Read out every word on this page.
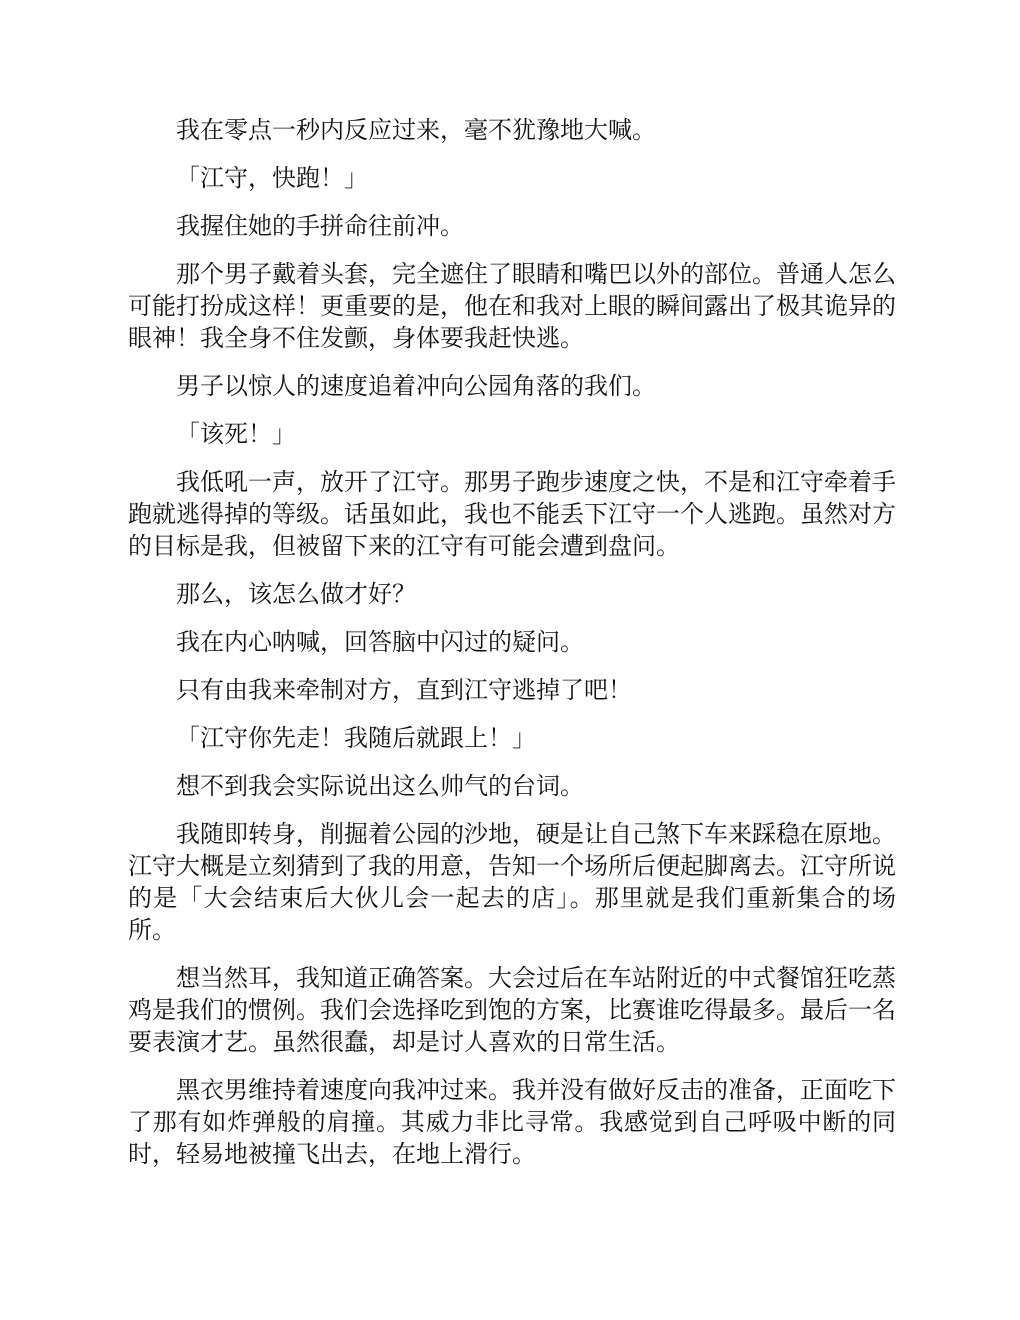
我在零点一秒内反应过来，毫不犹豫地大喊。

「江守，快跑！」

我握住她的手拼命往前冲。

那个男子戴着头套，完全遮住了眼睛和嘴巴以外的部位。普通人怎么可能打扮成这样！更重要的是，他在和我对上眼的瞬间露出了极其诡异的眼神！我全身不住发颤，身体要我赶快逃。

男子以惊人的速度追着冲向公园角落的我们。

「该死！」

我低吼一声，放开了江守。那男子跑步速度之快，不是和江守牵着手跑就逃得掉的等级。话虽如此，我也不能丢下江守一个人逃跑。虽然对方的目标是我，但被留下来的江守有可能会遭到盘问。

那么，该怎么做才好？

我在内心呐喊，回答脑中闪过的疑问。

只有由我来牵制对方，直到江守逃掉了吧！

「江守你先走！我随后就跟上！」

想不到我会实际说出这么帅气的台词。

我随即转身，削掘着公园的沙地，硬是让自己煞下车来踩稳在原地。江守大概是立刻猜到了我的用意，告知一个场所后便起脚离去。江守所说的是「大会结束后大伙儿会一起去的店」。那里就是我们重新集合的场所。

想当然耳，我知道正确答案。大会过后在车站附近的中式餐馆狂吃蒸鸡是我们的惯例。我们会选择吃到饱的方案，比赛谁吃得最多。最后一名要表演才艺。虽然很蠢，却是讨人喜欢的日常生活。

黑衣男维持着速度向我冲过来。我并没有做好反击的准备，正面吃下了那有如炸弹般的肩撞。其威力非比寻常。我感觉到自己呼吸中断的同时，轻易地被撞飞出去，在地上滑行。
